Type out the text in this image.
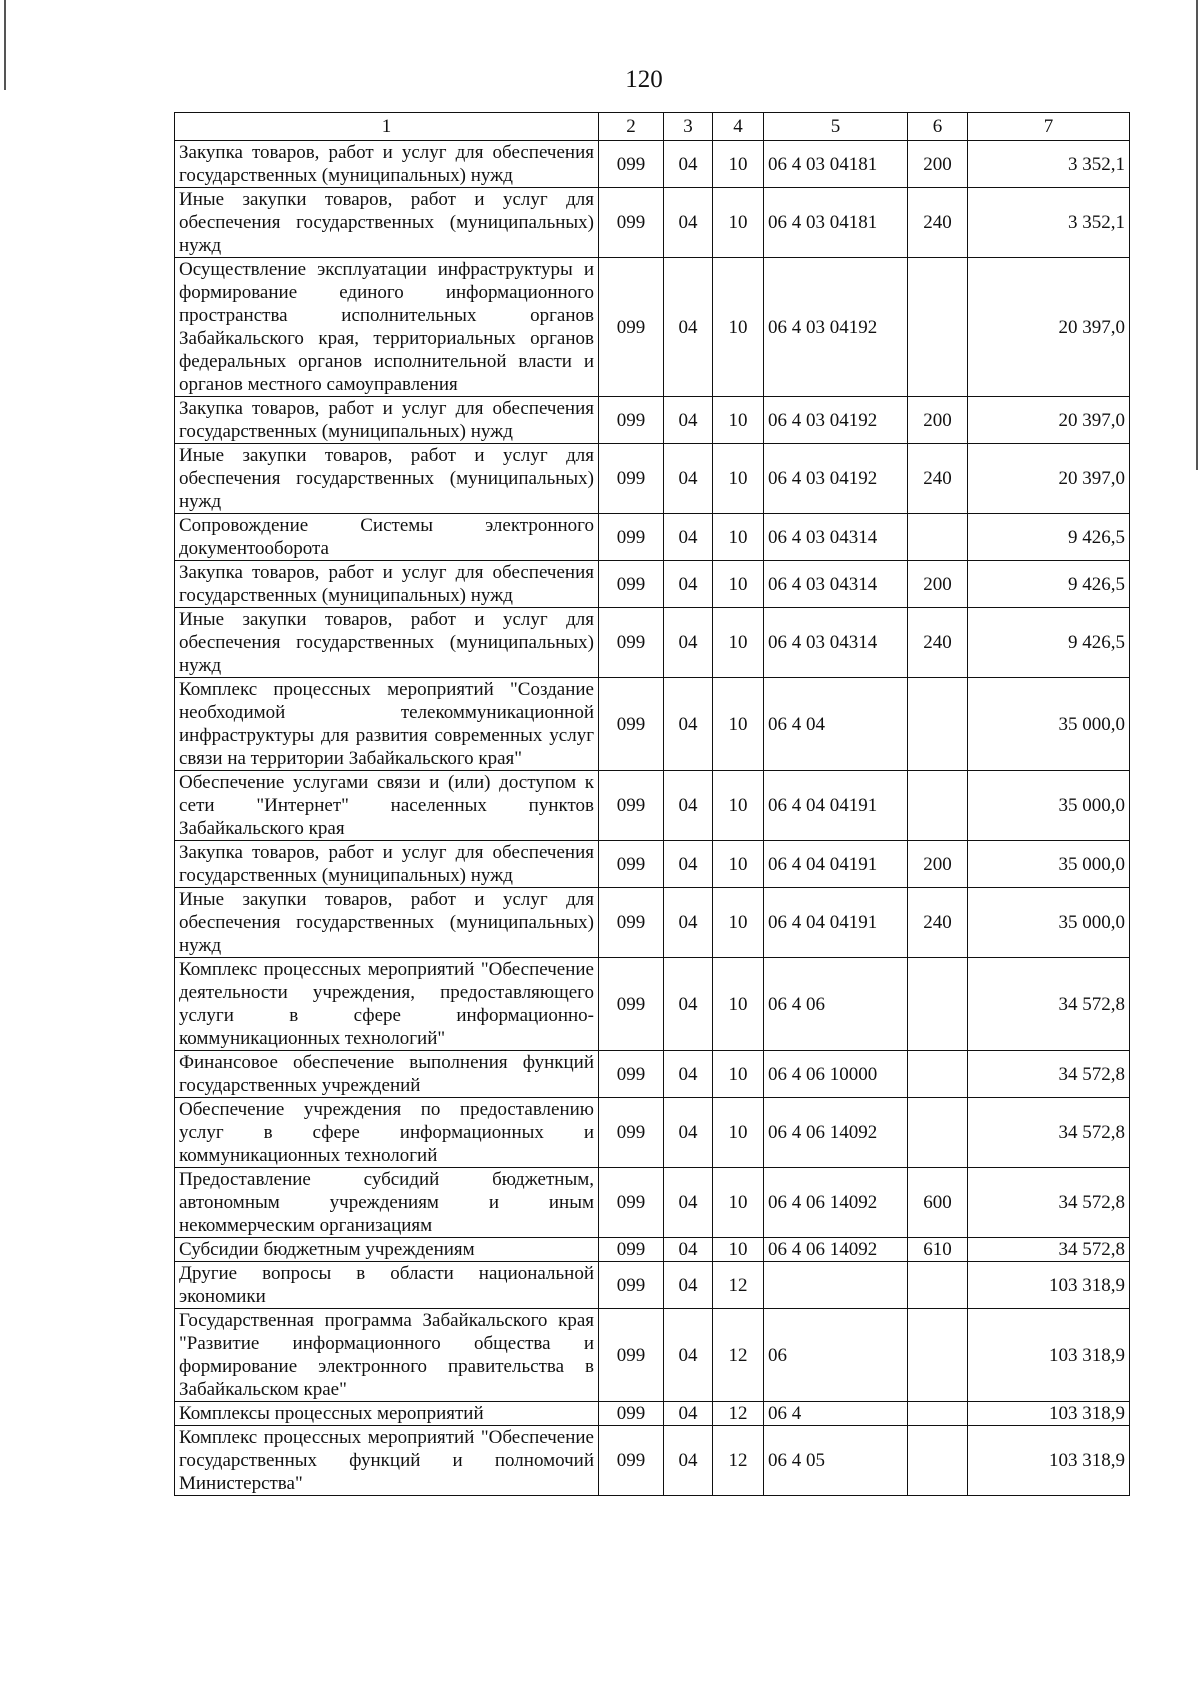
120
1	2	3	4	5	6	7
Закупка товаров, работ и услуг для обеспечения государственных (муниципальных) нужд	099	04	10	06 4 03 04181	200	3 352,1
Иные закупки товаров, работ и услуг для обеспечения государственных (муниципальных) нужд	099	04	10	06 4 03 04181	240	3 352,1
Осуществление эксплуатации инфраструктуры и формирование единого информационного пространства исполнительных органов Забайкальского края, территориальных органов федеральных органов исполнительной власти и органов местного самоуправления	099	04	10	06 4 03 04192		20 397,0
Закупка товаров, работ и услуг для обеспечения государственных (муниципальных) нужд	099	04	10	06 4 03 04192	200	20 397,0
Иные закупки товаров, работ и услуг для обеспечения государственных (муниципальных) нужд	099	04	10	06 4 03 04192	240	20 397,0
Сопровождение Системы электронного документооборота	099	04	10	06 4 03 04314		9 426,5
Закупка товаров, работ и услуг для обеспечения государственных (муниципальных) нужд	099	04	10	06 4 03 04314	200	9 426,5
Иные закупки товаров, работ и услуг для обеспечения государственных (муниципальных) нужд	099	04	10	06 4 03 04314	240	9 426,5
Комплекс процессных мероприятий "Создание необходимой телекоммуникационной инфраструктуры для развития современных услуг связи на территории Забайкальского края"	099	04	10	06 4 04		35 000,0
Обеспечение услугами связи и (или) доступом к сети "Интернет" населенных пунктов Забайкальского края	099	04	10	06 4 04 04191		35 000,0
Закупка товаров, работ и услуг для обеспечения государственных (муниципальных) нужд	099	04	10	06 4 04 04191	200	35 000,0
Иные закупки товаров, работ и услуг для обеспечения государственных (муниципальных) нужд	099	04	10	06 4 04 04191	240	35 000,0
Комплекс процессных мероприятий "Обеспечение деятельности учреждения, предоставляющего услуги в сфере информационно-коммуникационных технологий"	099	04	10	06 4 06		34 572,8
Финансовое обеспечение выполнения функций государственных учреждений	099	04	10	06 4 06 10000		34 572,8
Обеспечение учреждения по предоставлению услуг в сфере информационных и коммуникационных технологий	099	04	10	06 4 06 14092		34 572,8
Предоставление субсидий бюджетным, автономным учреждениям и иным некоммерческим организациям	099	04	10	06 4 06 14092	600	34 572,8
Субсидии бюджетным учреждениям	099	04	10	06 4 06 14092	610	34 572,8
Другие вопросы в области национальной экономики	099	04	12			103 318,9
Государственная программа Забайкальского края "Развитие информационного общества и формирование электронного правительства в Забайкальском крае"	099	04	12	06		103 318,9
Комплексы процессных мероприятий	099	04	12	06 4		103 318,9
Комплекс процессных мероприятий "Обеспечение государственных функций и полномочий Министерства"	099	04	12	06 4 05		103 318,9
